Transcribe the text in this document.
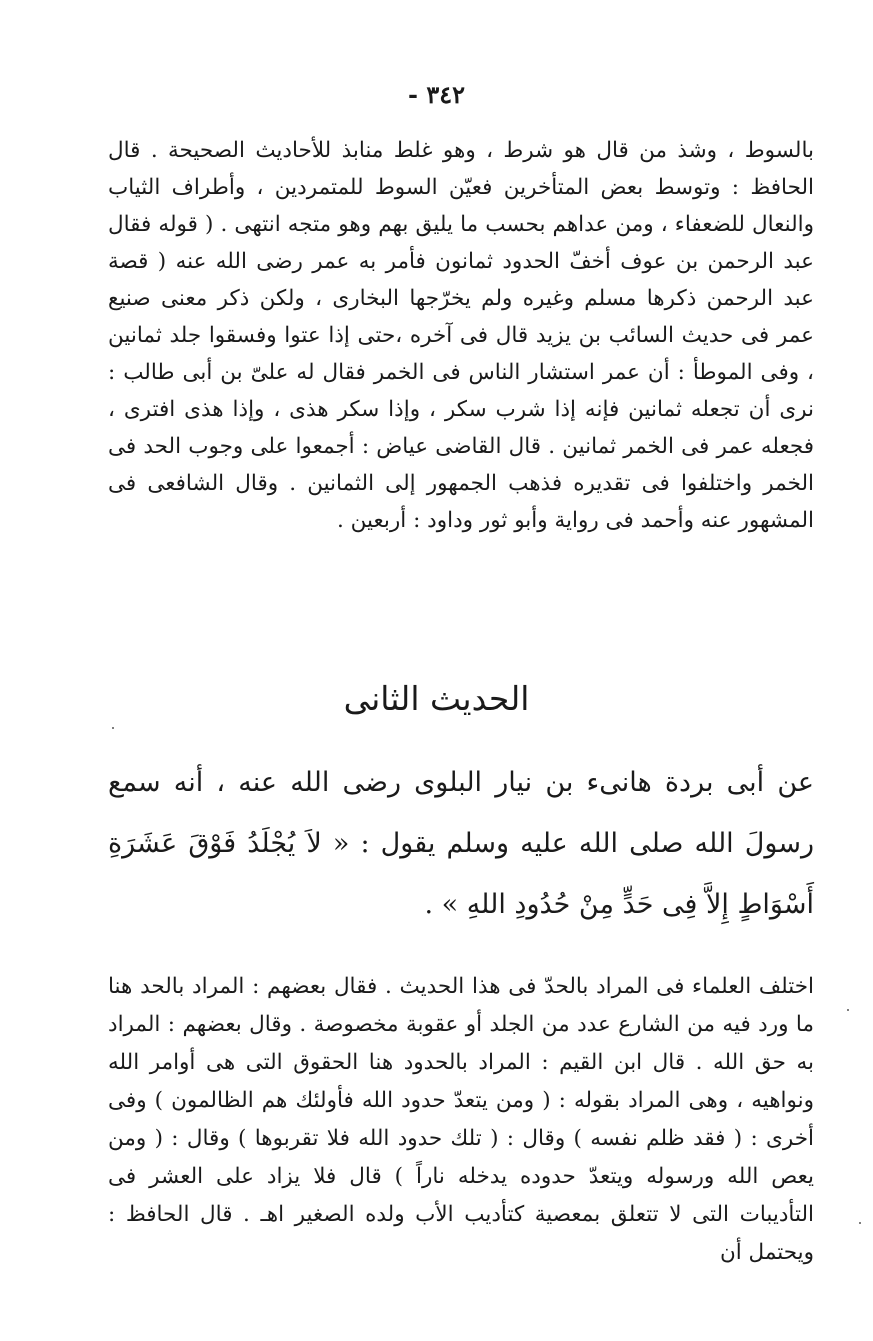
٣٤٢ -

بالسوط ، وشذ من قال هو شرط ، وهو غلط منابذ للأحاديث الصحيحة . قال الحافظ : وتوسط بعض المتأخرين فعيّن السوط للمتمردين ، وأطراف الثياب والنعال للضعفاء ، ومن عداهم بحسب ما يليق بهم وهو متجه انتهى . ( قوله فقال عبد الرحمن بن عوف أخفّ الحدود ثمانون فأمر به عمر رضى الله عنه ( قصة عبد الرحمن ذكرها مسلم وغيره ولم يخرّجها البخارى ، ولكن ذكر معنى صنيع عمر فى حديث السائب بن يزيد قال فى آخره ،حتى إذا عتوا وفسقوا جلد ثمانين ، وفى الموطأ : أن عمر استشار الناس فى الخمر فقال له علىّ بن أبى طالب : نرى أن تجعله ثمانين فإنه إذا شرب سكر ، وإذا سكر هذى ، وإذا هذى افترى ، فجعله عمر فى الخمر ثمانين . قال القاضى عياض : أجمعوا على وجوب الحد فى الخمر واختلفوا فى تقديره فذهب الجمهور إلى الثمانين . وقال الشافعى فى المشهور عنه وأحمد فى رواية وأبو ثور وداود : أربعين .

الحديث الثانى

عن أبى بردة هانىء بن نيار البلوى رضى الله عنه ، أنه سمع رسولَ الله صلى الله عليه وسلم يقول : « لاَ يُجْلَدُ فَوْقَ عَشَرَةِ أَسْوَاطٍ إِلاَّ فِى حَدٍّ مِنْ حُدُودِ اللهِ » .

اختلف العلماء فى المراد بالحدّ فى هذا الحديث . فقال بعضهم : المراد بالحد هنا ما ورد فيه من الشارع عدد من الجلد أو عقوبة مخصوصة . وقال بعضهم : المراد به حق الله . قال ابن القيم : المراد بالحدود هنا الحقوق التى هى أوامر الله ونواهيه ، وهى المراد بقوله : ( ومن يتعدّ حدود الله فأولئك هم الظالمون ) وفى أخرى : ( فقد ظلم نفسه ) وقال : ( تلك حدود الله فلا تقربوها ) وقال : ( ومن يعص الله ورسوله ويتعدّ حدوده يدخله ناراً ) قال فلا يزاد على العشر فى التأديبات التى لا تتعلق بمعصية كتأديب الأب ولده الصغير اهـ . قال الحافظ : ويحتمل أن
